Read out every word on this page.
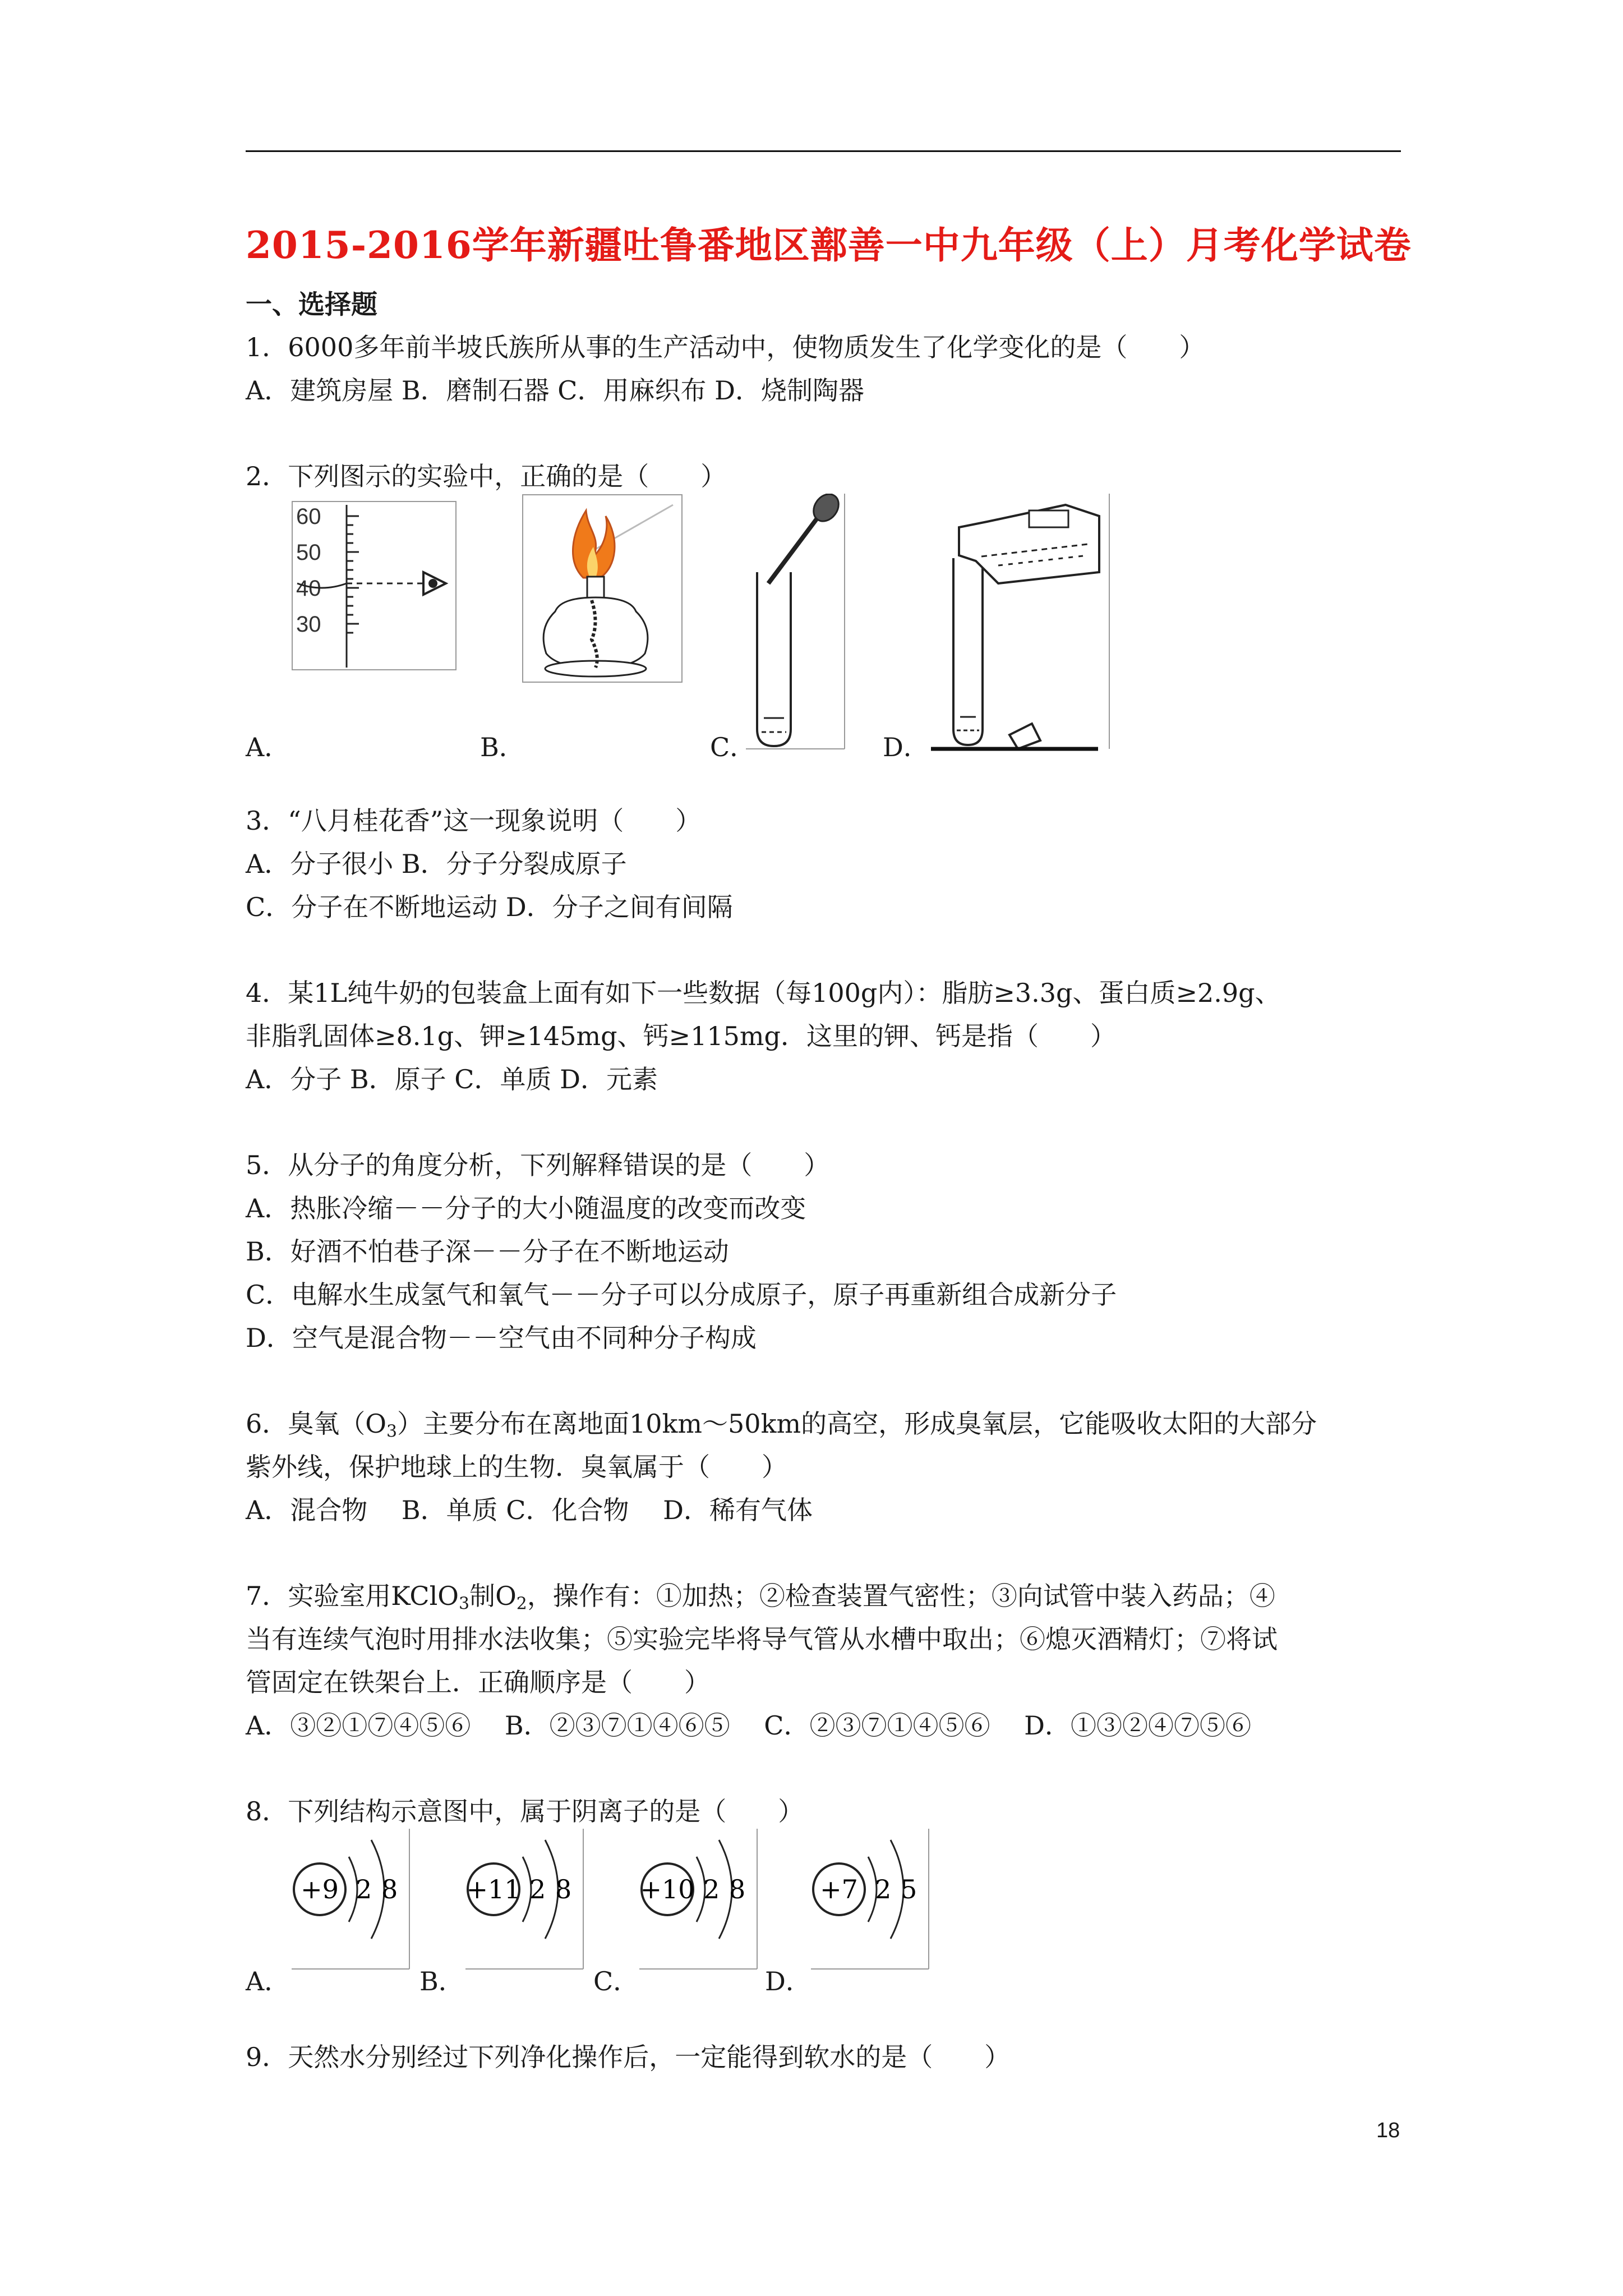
2015-2016学年新疆吐鲁番地区鄯善一中九年级（上）月考化学试卷
一、选择题
1．6000多年前半坡氏族所从事的生产活动中，使物质发生了化学变化的是（　　）
A．建筑房屋 B．磨制石器 C．用麻织布 D．烧制陶器
2．下列图示的实验中，正确的是（　　）
60
50
40
30
A．	B．	C．	D．
3．“八月桂花香”这一现象说明（　　）
A．分子很小 B．分子分裂成原子
C．分子在不断地运动 D．分子之间有间隔
4．某1L纯牛奶的包装盒上面有如下一些数据（每100g内）：脂肪≥3.3g、蛋白质≥2.9g、
非脂乳固体≥8.1g、钾≥145mg、钙≥115mg．这里的钾、钙是指（　　）
A．分子 B．原子 C．单质 D．元素
5．从分子的角度分析，下列解释错误的是（　　）
A．热胀冷缩－－分子的大小随温度的改变而改变
B．好酒不怕巷子深－－分子在不断地运动
C．电解水生成氢气和氧气－－分子可以分成原子，原子再重新组合成新分子
D．空气是混合物－－空气由不同种分子构成
6．臭氧$(O_3)$主要分布在离地面10km～50km的高空，形成臭氧层，它能吸收太阳的大部分
紫外线，保护地球上的生物．臭氧属于（　　）
A．混合物　 B．单质 C．化合物　 D．稀有气体
7．实验室用KClO$_3$制$O_2$，操作有：①加热；②检查装置气密性；③向试管中装入药品；④
当有连续气泡时用排水法收集；⑤实验完毕将导气管从水槽中取出；⑥熄灭酒精灯；⑦将试
管固定在铁架台上．正确顺序是（　　）
A．③②①⑦④⑤⑥　 B．②③⑦①④⑥⑤　 C．②③⑦①④⑤⑥　 D．①③②④⑦⑤⑥
8．下列结构示意图中，属于阴离子的是（　　）
+9 2 8	+11 2 8	+10 2 8	+7 2 5
A．	B．	C．	D．
9．天然水分别经过下列净化操作后，一定能得到软水的是（　　）
18
